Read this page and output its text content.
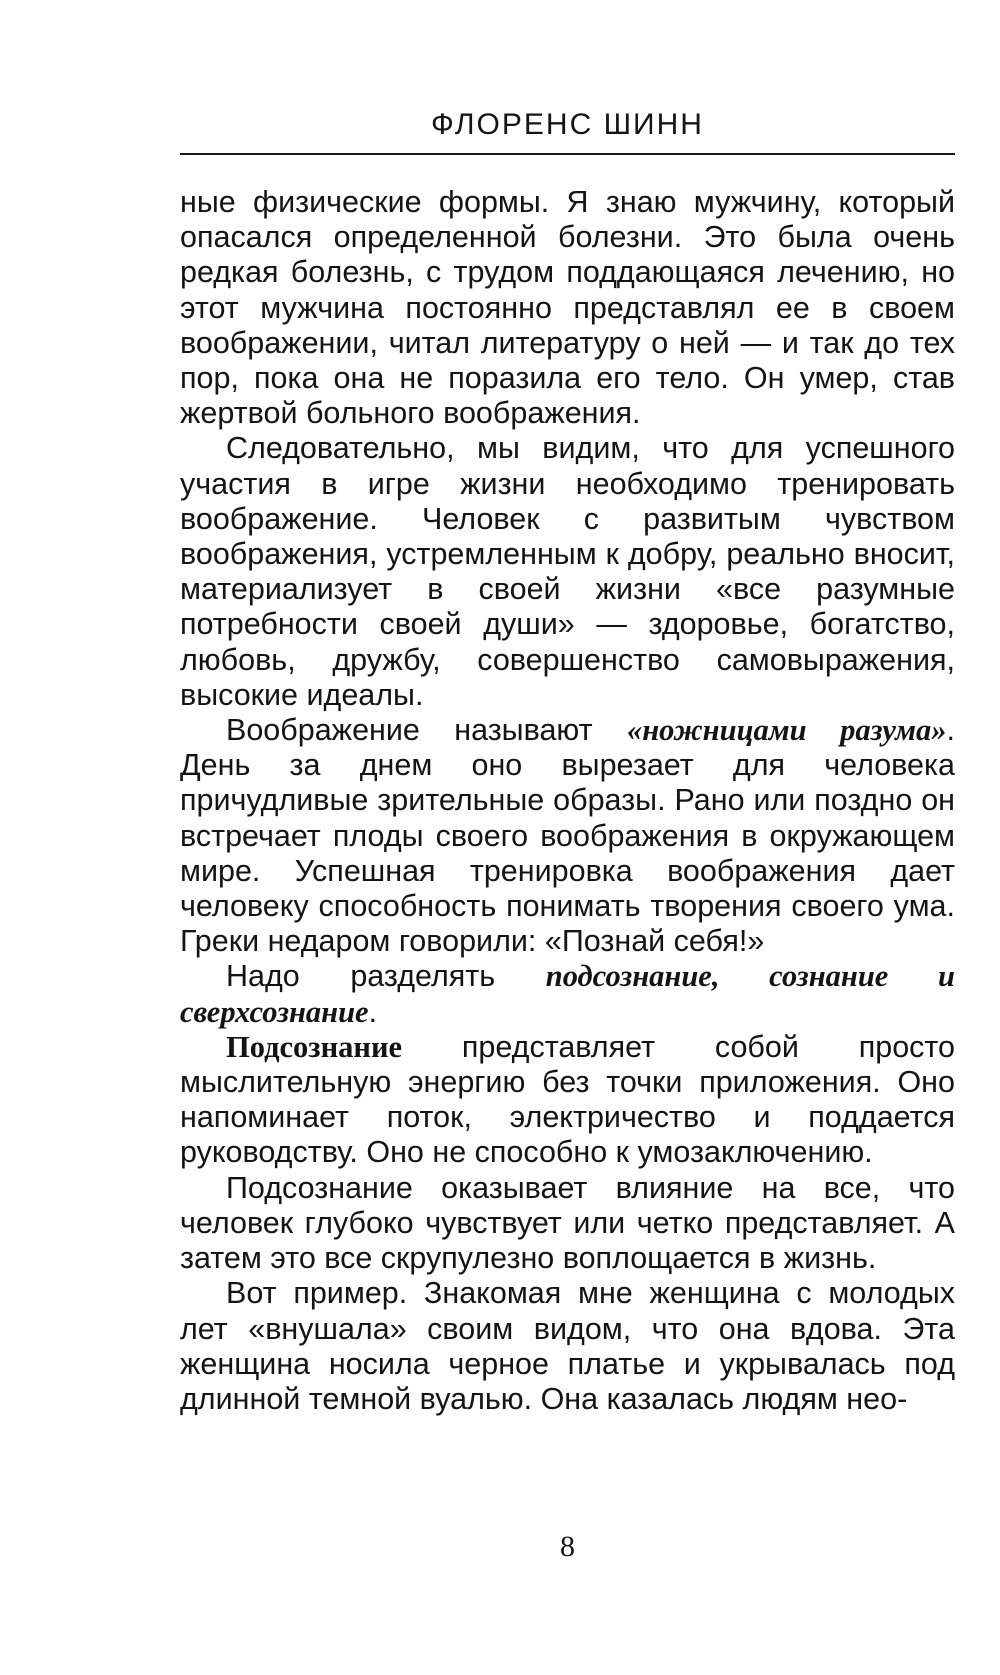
ФЛОРЕНС ШИНН

ные физические формы. Я знаю мужчину, который опасался определенной болезни. Это была очень редкая болезнь, с трудом поддающаяся лечению, но этот мужчина постоянно представлял ее в своем воображении, читал литературу о ней — и так до тех пор, пока она не поразила его тело. Он умер, став жертвой больного воображения.

Следовательно, мы видим, что для успешного участия в игре жизни необходимо тренировать воображение. Человек с развитым чувством воображения, устремленным к добру, реально вносит, материализует в своей жизни «все разумные потребности своей души» — здоровье, богатство, любовь, дружбу, совершенство самовыражения, высокие идеалы.

Воображение называют «ножницами разума». День за днем оно вырезает для человека причудливые зрительные образы. Рано или поздно он встречает плоды своего воображения в окружающем мире. Успешная тренировка воображения дает человеку способность понимать творения своего ума. Греки недаром говорили: «Познай себя!»

Надо разделять подсознание, сознание и сверхсознание.

Подсознание представляет собой просто мыслительную энергию без точки приложения. Оно напоминает поток, электричество и поддается руководству. Оно не способно к умозаключению.

Подсознание оказывает влияние на все, что человек глубоко чувствует или четко представляет. А затем это все скрупулезно воплощается в жизнь.

Вот пример. Знакомая мне женщина с молодых лет «внушала» своим видом, что она вдова. Эта женщина носила черное платье и укрывалась под длинной темной вуалью. Она казалась людям нео-

8
